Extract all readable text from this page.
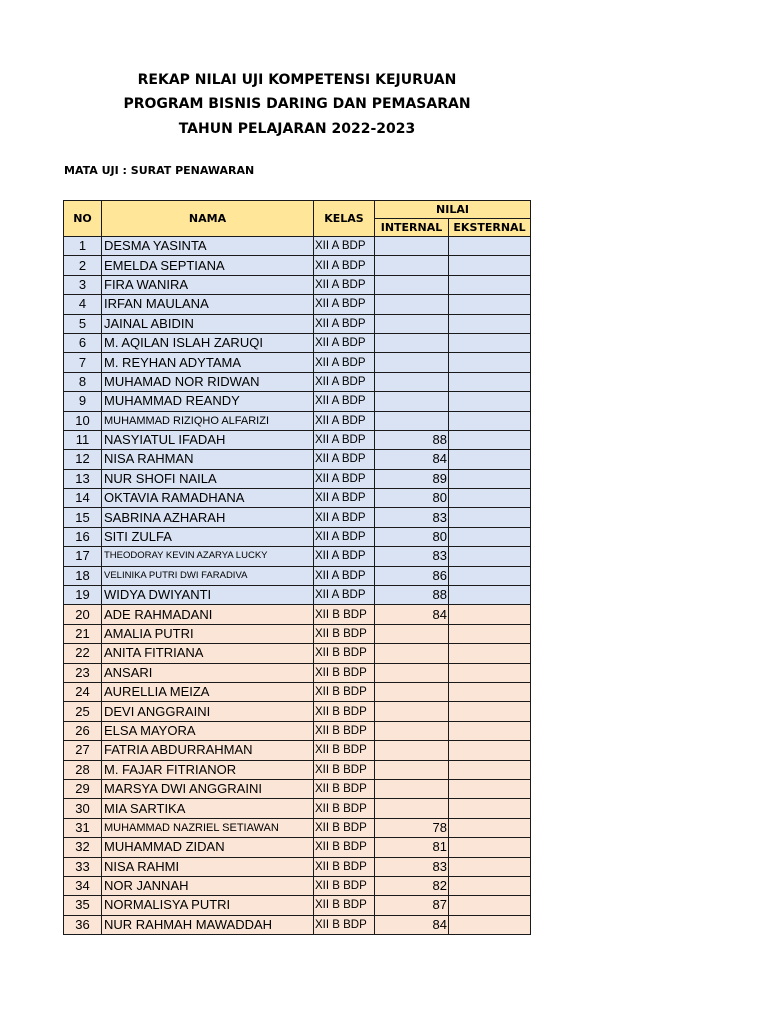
REKAP NILAI UJI KOMPETENSI KEJURUAN
PROGRAM BISNIS DARING DAN PEMASARAN
TAHUN PELAJARAN 2022-2023
MATA UJI : SURAT PENAWARAN
NO	NAMA	KELAS	NILAI	
			INTERNAL	EKSTERNAL
1	DESMA YASINTA	XII A BDP		
2	EMELDA SEPTIANA	XII A BDP		
3	FIRA WANIRA	XII A BDP		
4	IRFAN MAULANA	XII A BDP		
5	JAINAL ABIDIN	XII A BDP		
6	M. AQILAN ISLAH ZARUQI	XII A BDP		
7	M. REYHAN ADYTAMA	XII A BDP		
8	MUHAMAD NOR RIDWAN	XII A BDP		
9	MUHAMMAD REANDY	XII A BDP		
10	MUHAMMAD RIZIQHO ALFARIZI	XII A BDP		
11	NASYIATUL IFADAH	XII A BDP	88	
12	NISA RAHMAN	XII A BDP	84	
13	NUR SHOFI NAILA	XII A BDP	89	
14	OKTAVIA RAMADHANA	XII A BDP	80	
15	SABRINA AZHARAH	XII A BDP	83	
16	SITI ZULFA	XII A BDP	80	
17	THEODORAY KEVIN AZARYA LUCKY	XII A BDP	83	
18	VELINIKA PUTRI DWI FARADIVA	XII A BDP	86	
19	WIDYA DWIYANTI	XII A BDP	88	
20	ADE RAHMADANI	XII B BDP	84	
21	AMALIA PUTRI	XII B BDP		
22	ANITA FITRIANA	XII B BDP		
23	ANSARI	XII B BDP		
24	AURELLIA MEIZA	XII B BDP		
25	DEVI ANGGRAINI	XII B BDP		
26	ELSA MAYORA	XII B BDP		
27	FATRIA ABDURRAHMAN	XII B BDP		
28	M. FAJAR FITRIANOR	XII B BDP		
29	MARSYA DWI ANGGRAINI	XII B BDP		
30	MIA SARTIKA	XII B BDP		
31	MUHAMMAD NAZRIEL SETIAWAN	XII B BDP	78	
32	MUHAMMAD ZIDAN	XII B BDP	81	
33	NISA RAHMI	XII B BDP	83	
34	NOR JANNAH	XII B BDP	82	
35	NORMALISYA PUTRI	XII B BDP	87	
36	NUR RAHMAH MAWADDAH	XII B BDP	84	
